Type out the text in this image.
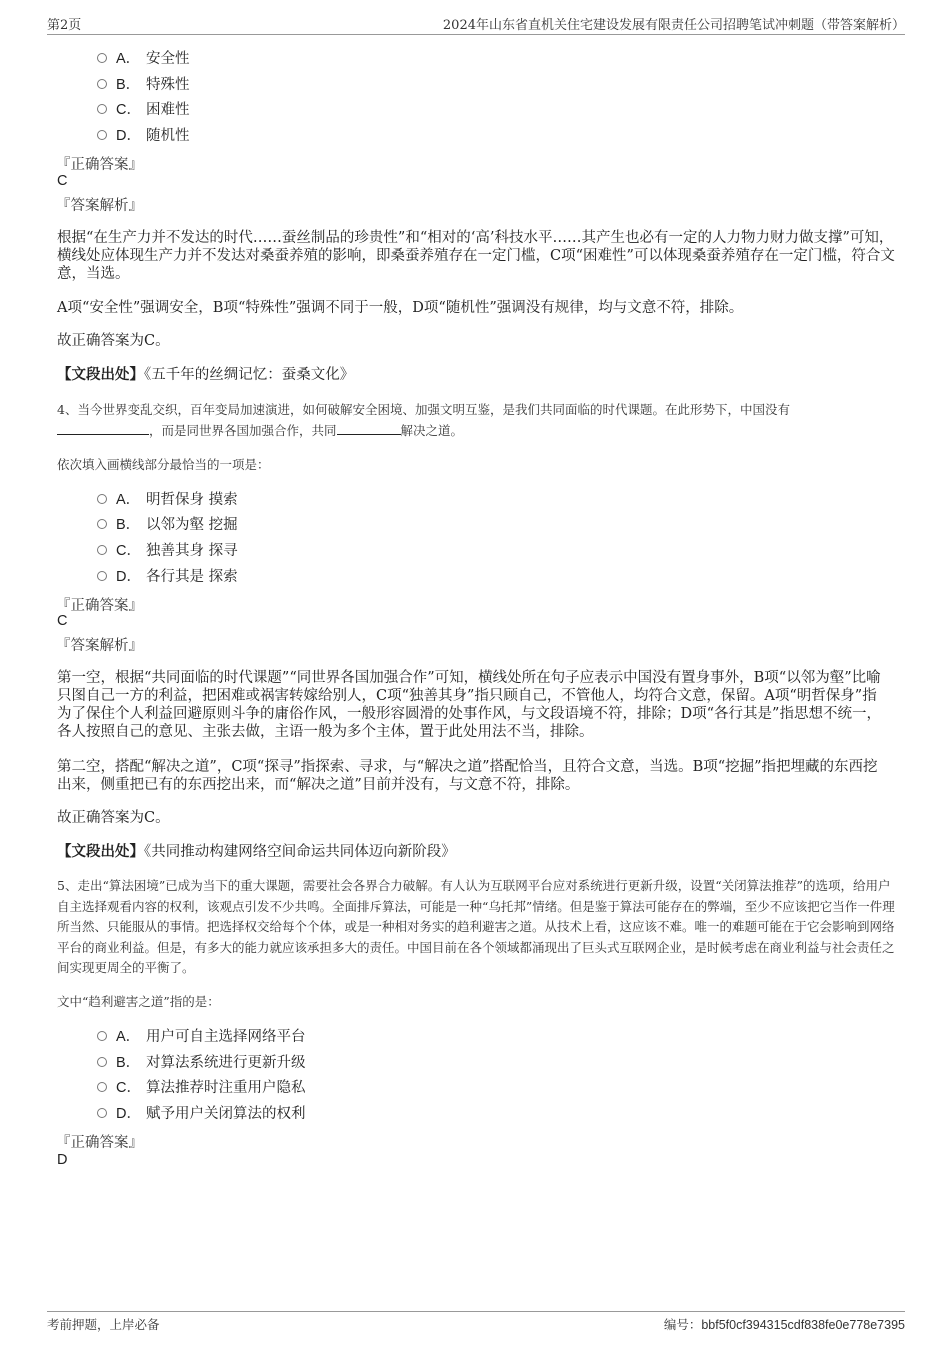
第2页	2024年山东省直机关住宅建设发展有限责任公司招聘笔试冲刺题（带答案解析）
A． 安全性
B． 特殊性
C． 困难性
D． 随机性
『正确答案』
C
『答案解析』
根据“在生产力并不发达的时代……蚕丝制品的珍贵性”和“相对的‘高’科技水平……其产生也必有一定的人力物力财力做支撑”可知，横线处应体现生产力并不发达对桑蚕养殖的影响，即桑蚕养殖存在一定门槛，C项“困难性”可以体现桑蚕养殖存在一定门槛，符合文意，当选。
A项“安全性”强调安全，B项“特殊性”强调不同于一般，D项“随机性”强调没有规律，均与文意不符，排除。
故正确答案为C。
【文段出处】《五千年的丝绸记忆：蚕桑文化》
4、当今世界变乱交织，百年变局加速演进，如何破解安全困境、加强文明互鉴，是我们共同面临的时代课题。在此形势下，中国没有
，而是同世界各国加强合作，共同	解决之道。
依次填入画横线部分最恰当的一项是：
A． 明哲保身 摸索
B． 以邻为壑 挖掘
C． 独善其身 探寻
D． 各行其是 探索
『正确答案』
C
『答案解析』
第一空，根据“共同面临的时代课题”“同世界各国加强合作”可知，横线处所在句子应表示中国没有置身事外，B项“以邻为壑”比喻只图自己一方的利益，把困难或祸害转嫁给别人，C项“独善其身”指只顾自己，不管他人，均符合文意，保留。A项“明哲保身”指为了保住个人利益回避原则斗争的庸俗作风，一般形容圆滑的处事作风，与文段语境不符，排除；D项“各行其是”指思想不统一，各人按照自己的意见、主张去做，主语一般为多个主体，置于此处用法不当，排除。
第二空，搭配“解决之道”，C项“探寻”指探索、寻求，与“解决之道”搭配恰当，且符合文意，当选。B项“挖掘”指把埋藏的东西挖出来，侧重把已有的东西挖出来，而“解决之道”目前并没有，与文意不符，排除。
故正确答案为C。
【文段出处】《共同推动构建网络空间命运共同体迈向新阶段》
5、走出“算法困境”已成为当下的重大课题，需要社会各界合力破解。有人认为互联网平台应对系统进行更新升级，设置“关闭算法推荐”的选项，给用户自主选择观看内容的权利，该观点引发不少共鸣。全面排斥算法，可能是一种“乌托邦”情绪。但是鉴于算法可能存在的弊端，至少不应该把它当作一件理所当然、只能服从的事情。把选择权交给每个个体，或是一种相对务实的趋利避害之道。从技术上看，这应该不难。唯一的难题可能在于它会影响到网络平台的商业利益。但是，有多大的能力就应该承担多大的责任。中国目前在各个领域都涌现出了巨头式互联网企业，是时候考虑在商业利益与社会责任之间实现更周全的平衡了。
文中“趋利避害之道”指的是：
A． 用户可自主选择网络平台
B． 对算法系统进行更新升级
C． 算法推荐时注重用户隐私
D． 赋予用户关闭算法的权利
『正确答案』
D
考前押题，上岸必备	编号：bbf5f0cf394315cdf838fe0e778e7395
